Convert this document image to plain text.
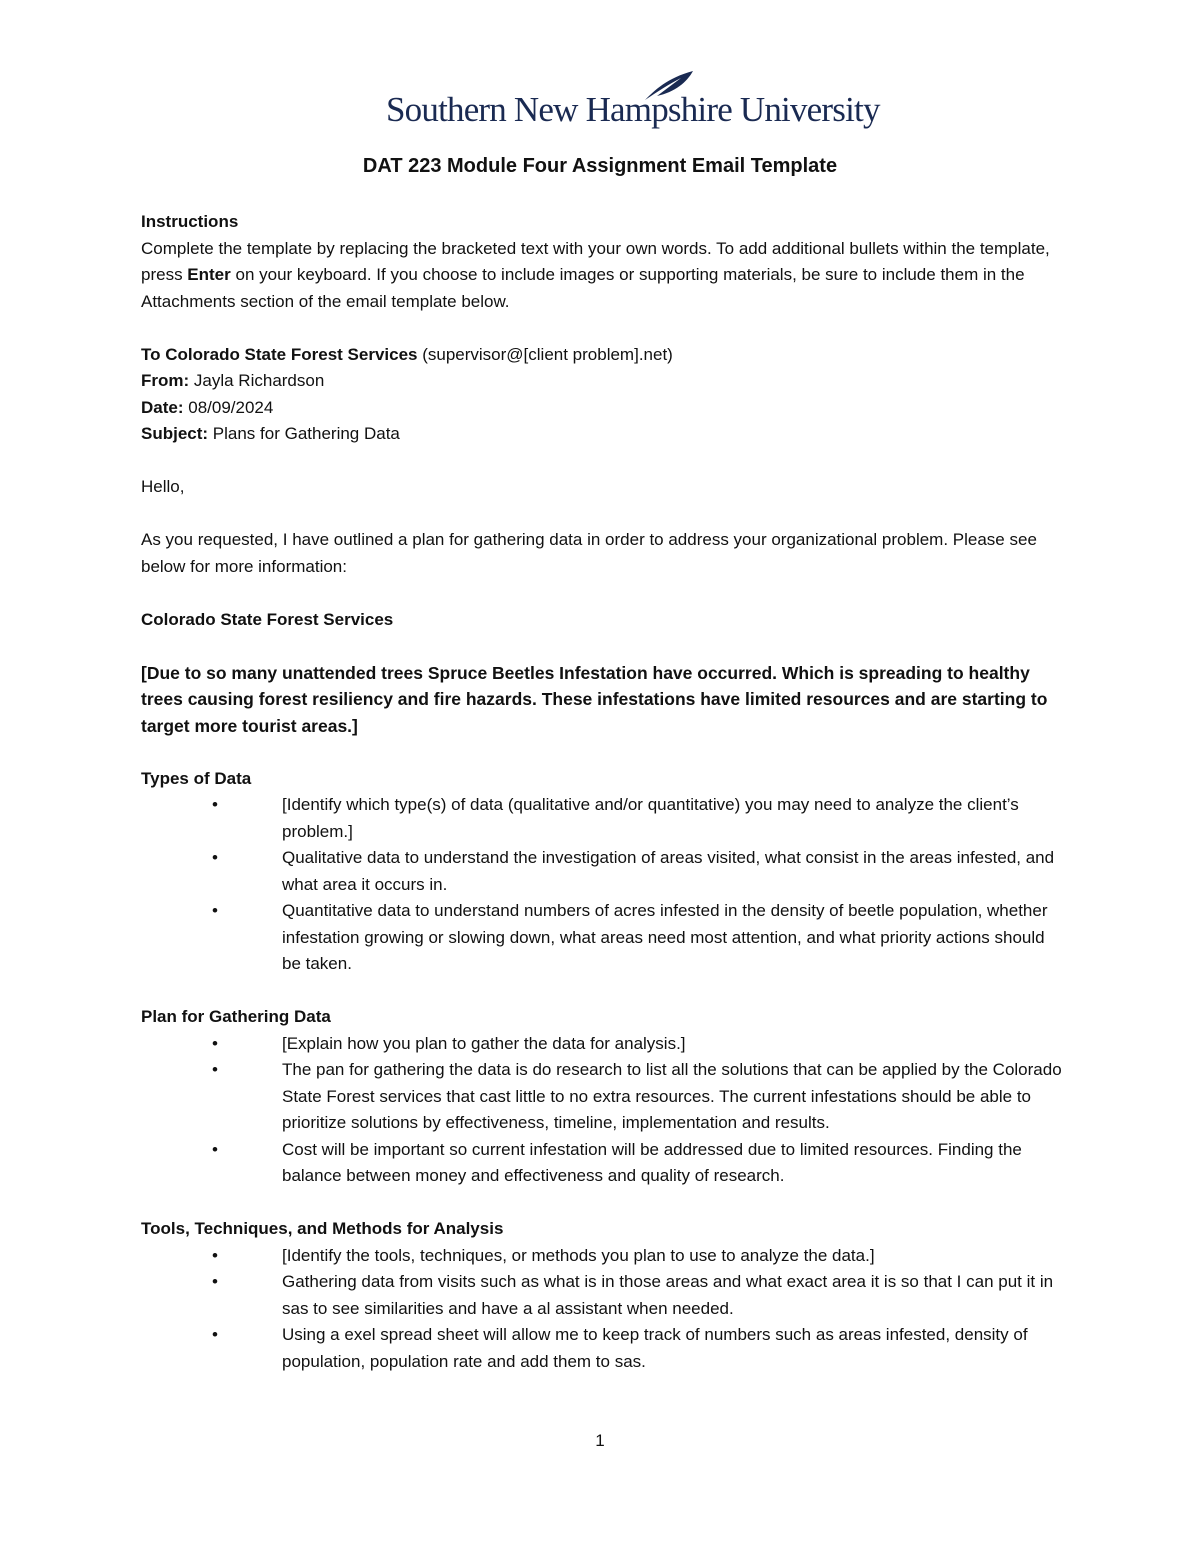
Southern New Hampshire University
DAT 223 Module Four Assignment Email Template

Instructions

Complete the template by replacing the bracketed text with your own words. To add additional bullets within the template, press Enter on your keyboard. If you choose to include images or supporting materials, be sure to include them in the Attachments section of the email template below.

To Colorado State Forest Services (supervisor@[client problem].net)

From: Jayla Richardson

Date: 08/09/2024

Subject: Plans for Gathering Data

Hello,

As you requested, I have outlined a plan for gathering data in order to address your organizational problem. Please see below for more information:

Colorado State Forest Services

[Due to so many unattended trees Spruce Beetles Infestation have occurred. Which is spreading to healthy trees causing forest resiliency and fire hazards. These infestations have limited resources and are starting to target more tourist areas.]

Types of Data

• [Identify which type(s) of data (qualitative and/or quantitative) you may need to analyze the client’s problem.]
• Qualitative data to understand the investigation of areas visited, what consist in the areas infested, and what area it occurs in.
• Quantitative data to understand numbers of acres infested in the density of beetle population, whether infestation growing or slowing down, what areas need most attention, and what priority actions should be taken.

Plan for Gathering Data

• [Explain how you plan to gather the data for analysis.]
• The pan for gathering the data is do research to list all the solutions that can be applied by the Colorado State Forest services that cast little to no extra resources. The current infestations should be able to prioritize solutions by effectiveness, timeline, implementation and results.
• Cost will be important so current infestation will be addressed due to limited resources. Finding the balance between money and effectiveness and quality of research.

Tools, Techniques, and Methods for Analysis

• [Identify the tools, techniques, or methods you plan to use to analyze the data.]
• Gathering data from visits such as what is in those areas and what exact area it is so that I can put it in sas to see similarities and have a al assistant when needed.
• Using a exel spread sheet will allow me to keep track of numbers such as areas infested, density of population, population rate and add them to sas.
1
